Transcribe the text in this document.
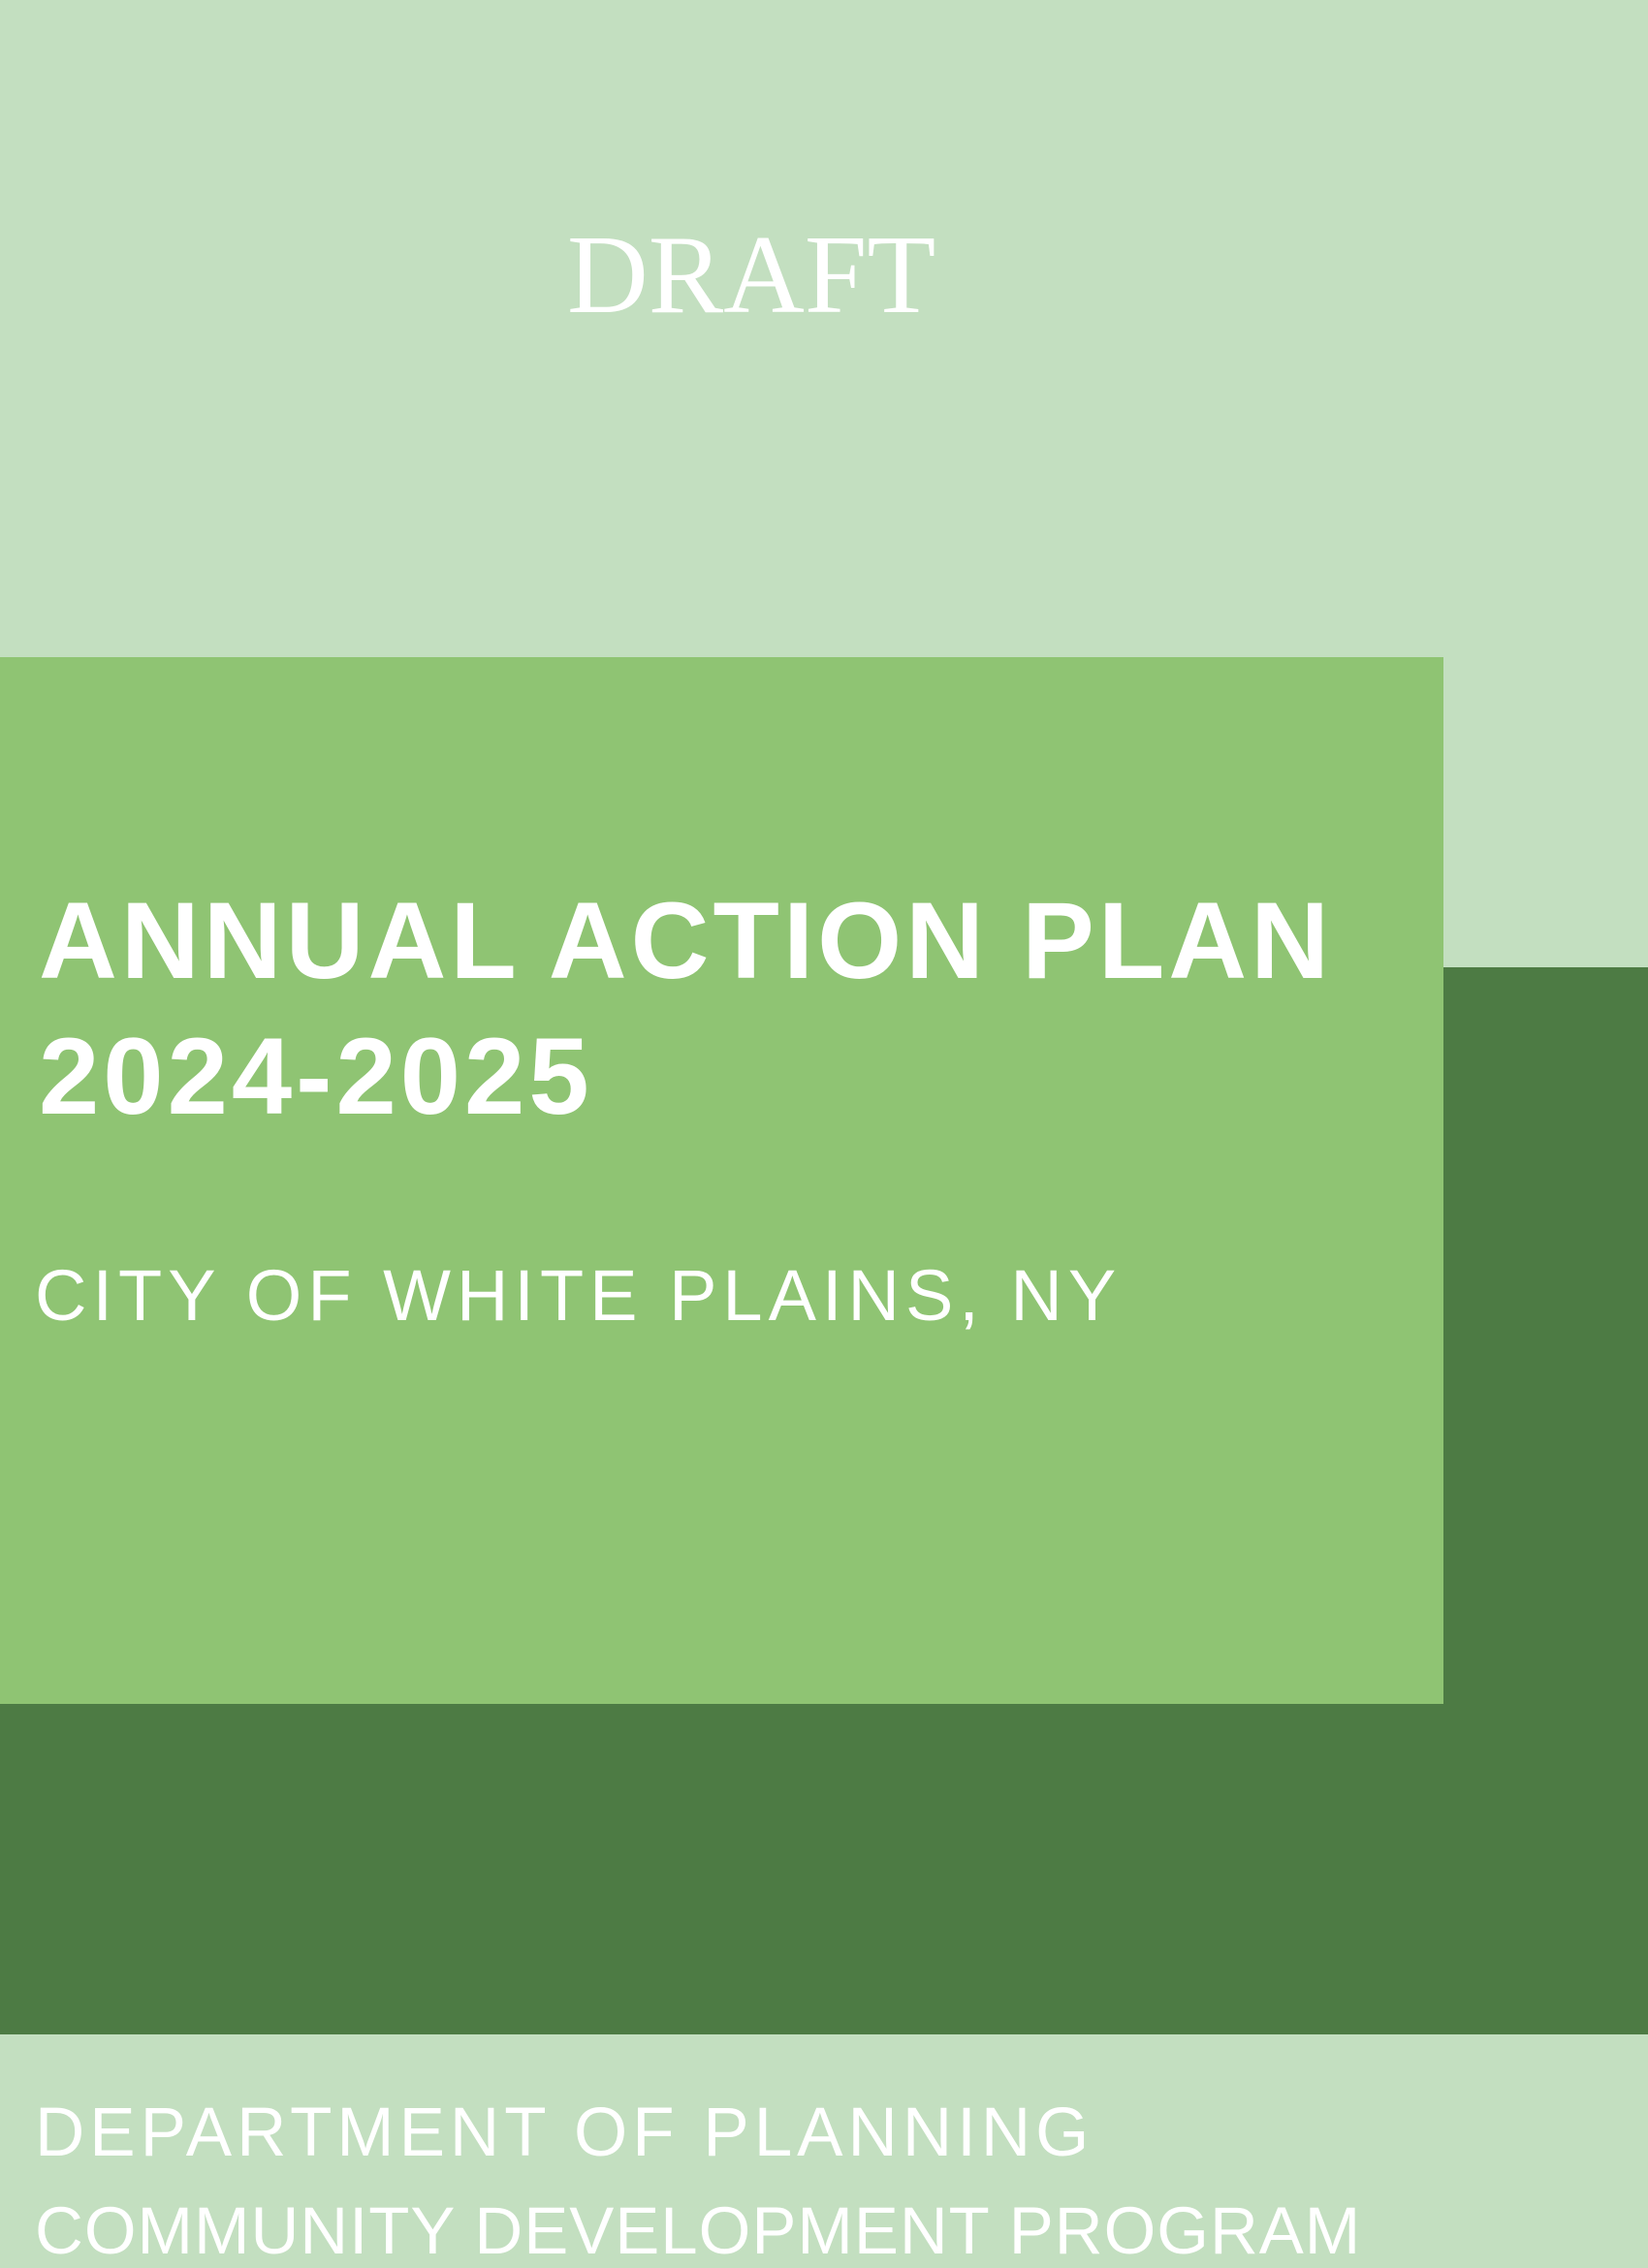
DRAFT
ANNUAL ACTION PLAN
2024-2025
CITY OF WHITE PLAINS, NY
DEPARTMENT OF PLANNING
COMMUNITY DEVELOPMENT PROGRAM
